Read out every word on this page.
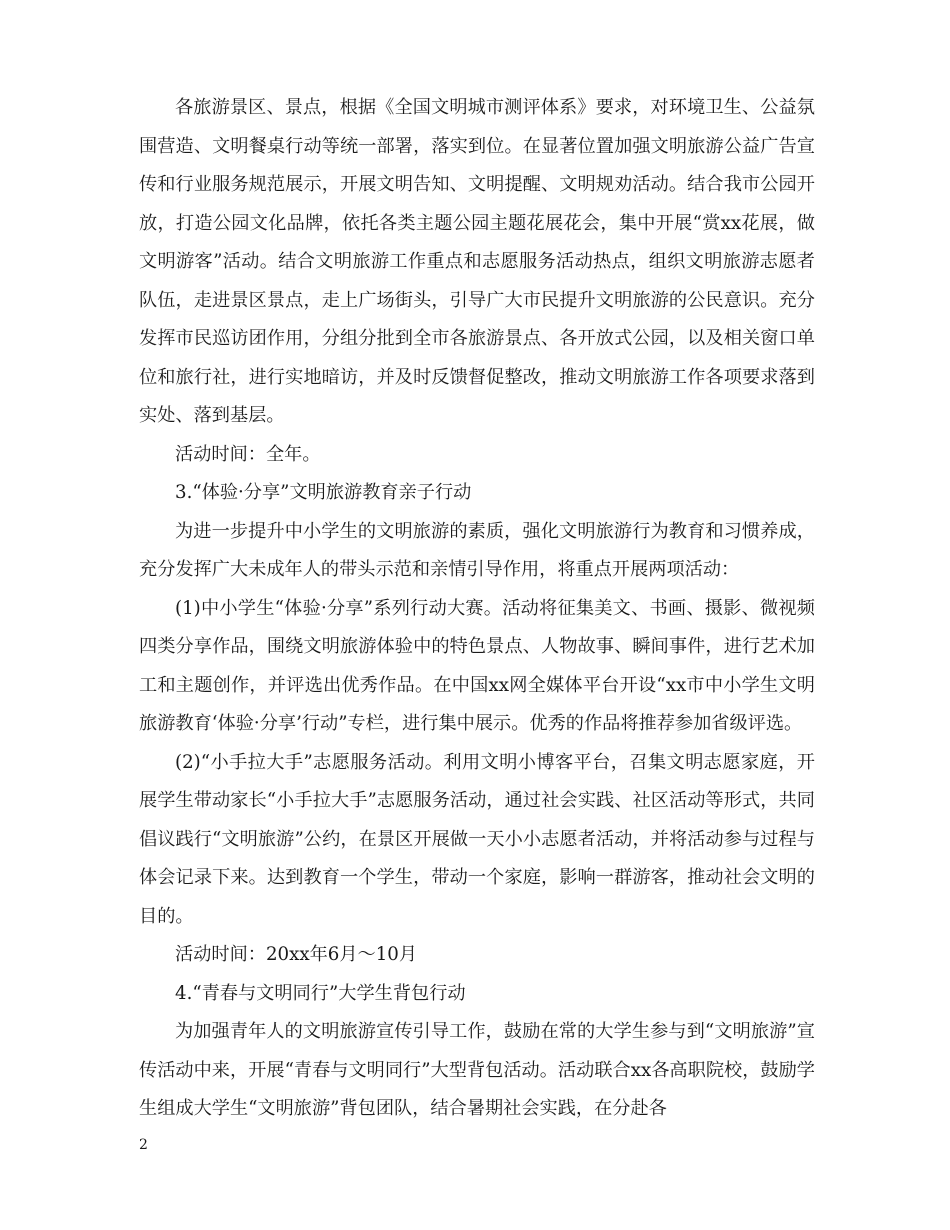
各旅游景区、景点，根据《全国文明城市测评体系》要求，对环境卫生、公益氛围营造、文明餐桌行动等统一部署，落实到位。在显著位置加强文明旅游公益广告宣传和行业服务规范展示，开展文明告知、文明提醒、文明规劝活动。结合我市公园开放，打造公园文化品牌，依托各类主题公园主题花展花会，集中开展“赏xx花展，做文明游客”活动。结合文明旅游工作重点和志愿服务活动热点，组织文明旅游志愿者队伍，走进景区景点，走上广场街头，引导广大市民提升文明旅游的公民意识。充分发挥市民巡访团作用，分组分批到全市各旅游景点、各开放式公园，以及相关窗口单位和旅行社，进行实地暗访，并及时反馈督促整改，推动文明旅游工作各项要求落到实处、落到基层。

活动时间：全年。

3.“体验·分享”文明旅游教育亲子行动

为进一步提升中小学生的文明旅游的素质，强化文明旅游行为教育和习惯养成，充分发挥广大未成年人的带头示范和亲情引导作用，将重点开展两项活动：

(1)中小学生“体验·分享”系列行动大赛。活动将征集美文、书画、摄影、微视频四类分享作品，围绕文明旅游体验中的特色景点、人物故事、瞬间事件，进行艺术加工和主题创作，并评选出优秀作品。在中国xx网全媒体平台开设“xx市中小学生文明旅游教育‘体验·分享’行动”专栏，进行集中展示。优秀的作品将推荐参加省级评选。

(2)“小手拉大手”志愿服务活动。利用文明小博客平台，召集文明志愿家庭，开展学生带动家长“小手拉大手”志愿服务活动，通过社会实践、社区活动等形式，共同倡议践行“文明旅游”公约，在景区开展做一天小小志愿者活动，并将活动参与过程与体会记录下来。达到教育一个学生，带动一个家庭，影响一群游客，推动社会文明的目的。

活动时间：20xx年6月～10月

4.“青春与文明同行”大学生背包行动

为加强青年人的文明旅游宣传引导工作，鼓励在常的大学生参与到“文明旅游”宣传活动中来，开展“青春与文明同行”大型背包活动。活动联合xx各高职院校，鼓励学生组成大学生“文明旅游”背包团队，结合暑期社会实践，在分赴各

2
